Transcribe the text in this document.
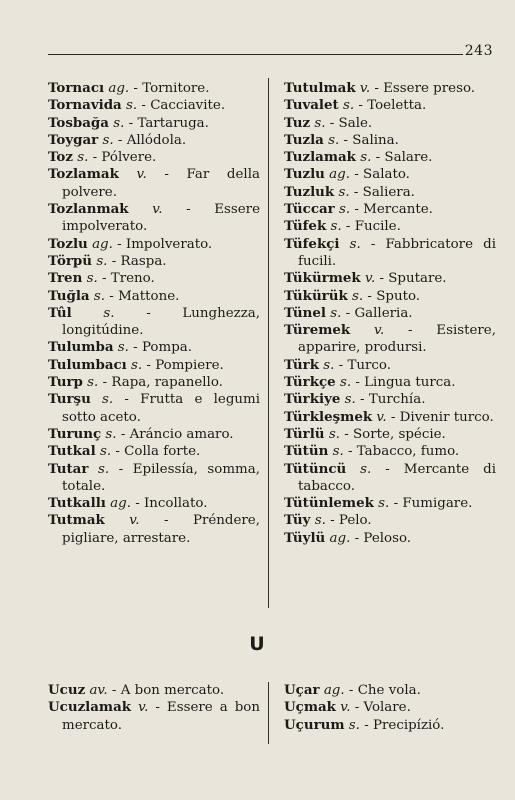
243
Tornacı ag. - Tornitore.
Tornavida s. - Cacciavite.
Tosbağa s. - Tartaruga.
Toygar s. - Allódola.
Toz s. - Pólvere.
Tozlamak v. - Far della polvere.
Tozlanmak v. - Essere impolverato.
Tozlu ag. - Impolverato.
Törpü s. - Raspa.
Tren s. - Treno.
Tuğla s. - Mattone.
Tûl s. - Lunghezza, longitúdine.
Tulumba s. - Pompa.
Tulumbacı s. - Pompiere.
Turp s. - Rapa, rapanello.
Turşu s. - Frutta e legumi sotto aceto.
Turunç s. - Aráncio amaro.
Tutkal s. - Colla forte.
Tutar s. - Epilessía, somma, totale.
Tutkallı ag. - Incollato.
Tutmak v. - Préndere, pigliare, arrestare.
Tutulmak v. - Essere preso.
Tuvalet s. - Toeletta.
Tuz s. - Sale.
Tuzla s. - Salina.
Tuzlamak s. - Salare.
Tuzlu ag. - Salato.
Tuzluk s. - Saliera.
Tüccar s. - Mercante.
Tüfek s. - Fucile.
Tüfekçi s. - Fabbricatore di fucili.
Tükürmek v. - Sputare.
Tükürük s. - Sputo.
Tünel s. - Galleria.
Türemek v. - Esistere, apparire, prodursi.
Türk s. - Turco.
Türkçe s. - Lingua turca.
Türkiye s. - Turchía.
Türkleşmek v. - Divenir turco.
Türlü s. - Sorte, spécie.
Tütün s. - Tabacco, fumo.
Tütüncü s. - Mercante di tabacco.
Tütünlemek s. - Fumigare.
Tüy s. - Pelo.
Tüylü ag. - Peloso.
U
Ucuz av. - A bon mercato.
Ucuzlamak v. - Essere a bon mercato.
Uçar ag. - Che vola.
Uçmak v. - Volare.
Uçurum s. - Precipízió.
